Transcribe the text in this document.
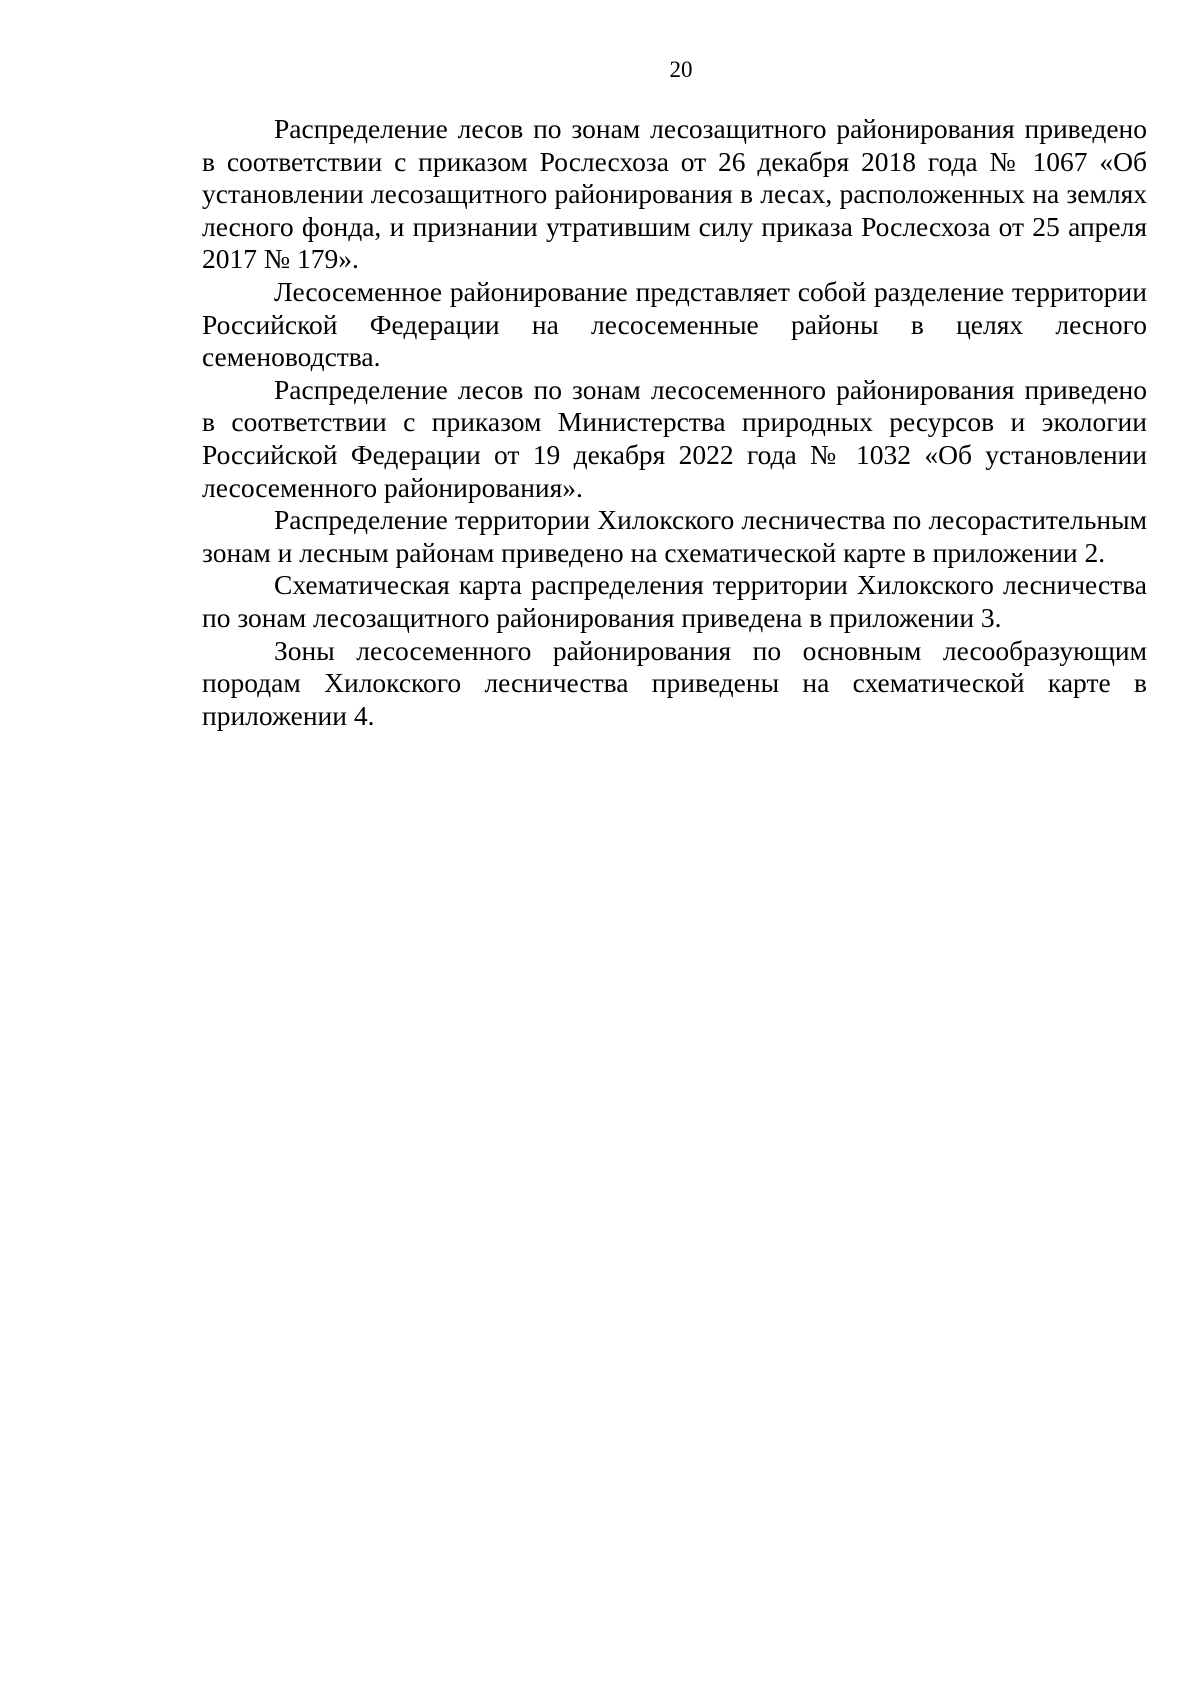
20

Распределение лесов по зонам лесозащитного районирования приведено в соответствии с приказом Рослесхоза от 26 декабря 2018 года № 1067 «Об установлении лесозащитного районирования в лесах, расположенных на землях лесного фонда, и признании утратившим силу приказа Рослесхоза от 25 апреля 2017 № 179».

Лесосеменное районирование представляет собой разделение территории Российской Федерации на лесосеменные районы в целях лесного семеноводства.

Распределение лесов по зонам лесосеменного районирования приведено в соответствии с приказом Министерства природных ресурсов и экологии Российской Федерации от 19 декабря 2022 года № 1032 «Об установлении лесосеменного районирования».

Распределение территории Хилокского лесничества по лесорастительным зонам и лесным районам приведено на схематической карте в приложении 2.

Схематическая карта распределения территории Хилокского лесничества по зонам лесозащитного районирования приведена в приложении 3.

Зоны лесосеменного районирования по основным лесообразующим породам Хилокского лесничества приведены на схематической карте в приложении 4.
